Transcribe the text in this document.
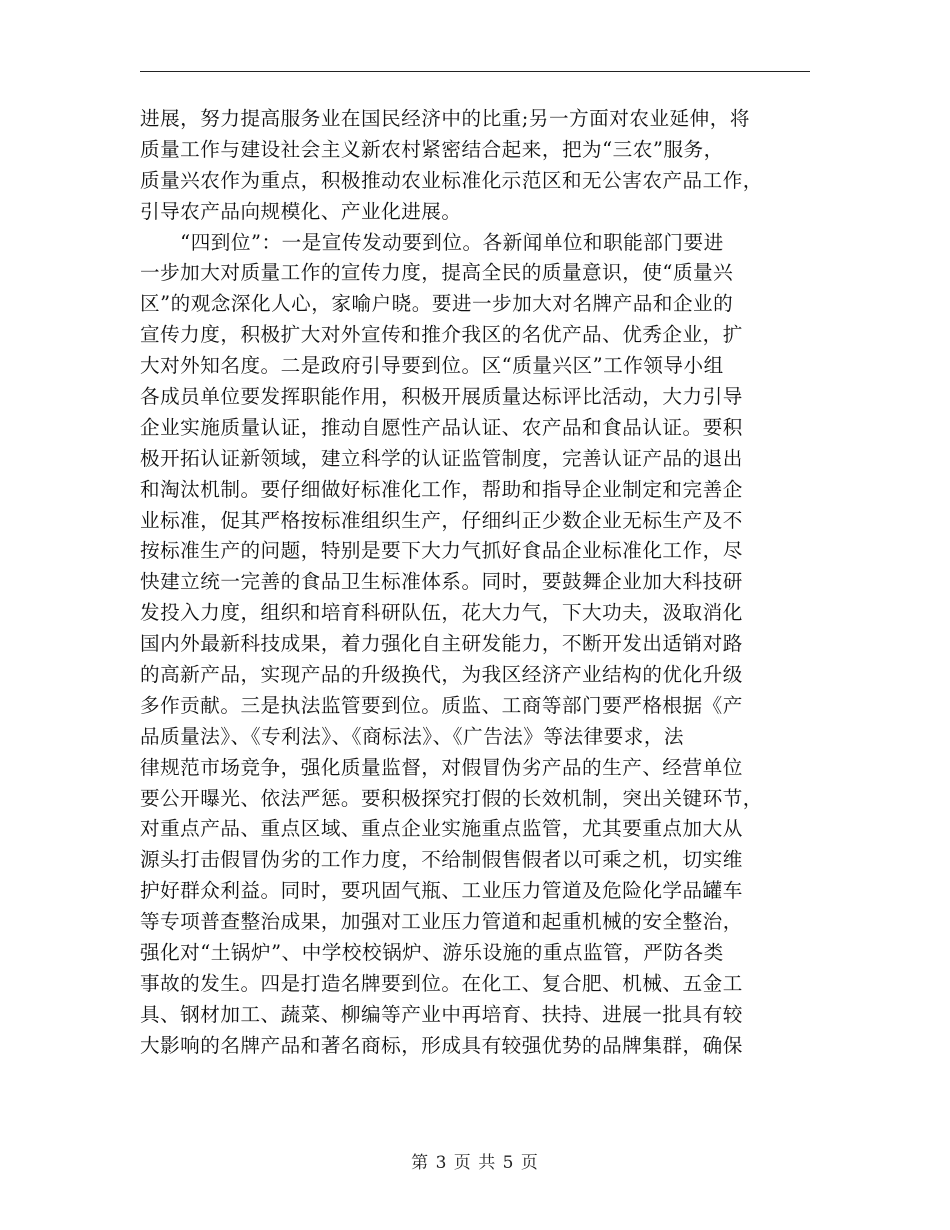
进展，努力提高服务业在国民经济中的比重;另一方面对农业延伸，将
质量工作与建设社会主义新农村紧密结合起来，把为“三农”服务，
质量兴农作为重点，积极推动农业标准化示范区和无公害农产品工作，
引导农产品向规模化、产业化进展。
　　“四到位”：一是宣传发动要到位。各新闻单位和职能部门要进
一步加大对质量工作的宣传力度，提高全民的质量意识，使“质量兴
区”的观念深化人心，家喻户晓。要进一步加大对名牌产品和企业的
宣传力度，积极扩大对外宣传和推介我区的名优产品、优秀企业，扩
大对外知名度。二是政府引导要到位。区“质量兴区”工作领导小组
各成员单位要发挥职能作用，积极开展质量达标评比活动，大力引导
企业实施质量认证，推动自愿性产品认证、农产品和食品认证。要积
极开拓认证新领域，建立科学的认证监管制度，完善认证产品的退出
和淘汰机制。要仔细做好标准化工作，帮助和指导企业制定和完善企
业标准，促其严格按标准组织生产，仔细纠正少数企业无标生产及不
按标准生产的问题，特别是要下大力气抓好食品企业标准化工作，尽
快建立统一完善的食品卫生标准体系。同时，要鼓舞企业加大科技研
发投入力度，组织和培育科研队伍，花大力气，下大功夫，汲取消化
国内外最新科技成果，着力强化自主研发能力，不断开发出适销对路
的高新产品，实现产品的升级换代，为我区经济产业结构的优化升级
多作贡献。三是执法监管要到位。质监、工商等部门要严格根据《产
品质量法》、《专利法》、《商标法》、《广告法》等法律要求，法
律规范市场竞争，强化质量监督，对假冒伪劣产品的生产、经营单位
要公开曝光、依法严惩。要积极探究打假的长效机制，突出关键环节，
对重点产品、重点区域、重点企业实施重点监管，尤其要重点加大从
源头打击假冒伪劣的工作力度，不给制假售假者以可乘之机，切实维
护好群众利益。同时，要巩固气瓶、工业压力管道及危险化学品罐车
等专项普查整治成果，加强对工业压力管道和起重机械的安全整治，
强化对“土锅炉”、中学校校锅炉、游乐设施的重点监管，严防各类
事故的发生。四是打造名牌要到位。在化工、复合肥、机械、五金工
具、钢材加工、蔬菜、柳编等产业中再培育、扶持、进展一批具有较
大影响的名牌产品和著名商标，形成具有较强优势的品牌集群，确保
第 3 页 共 5 页
